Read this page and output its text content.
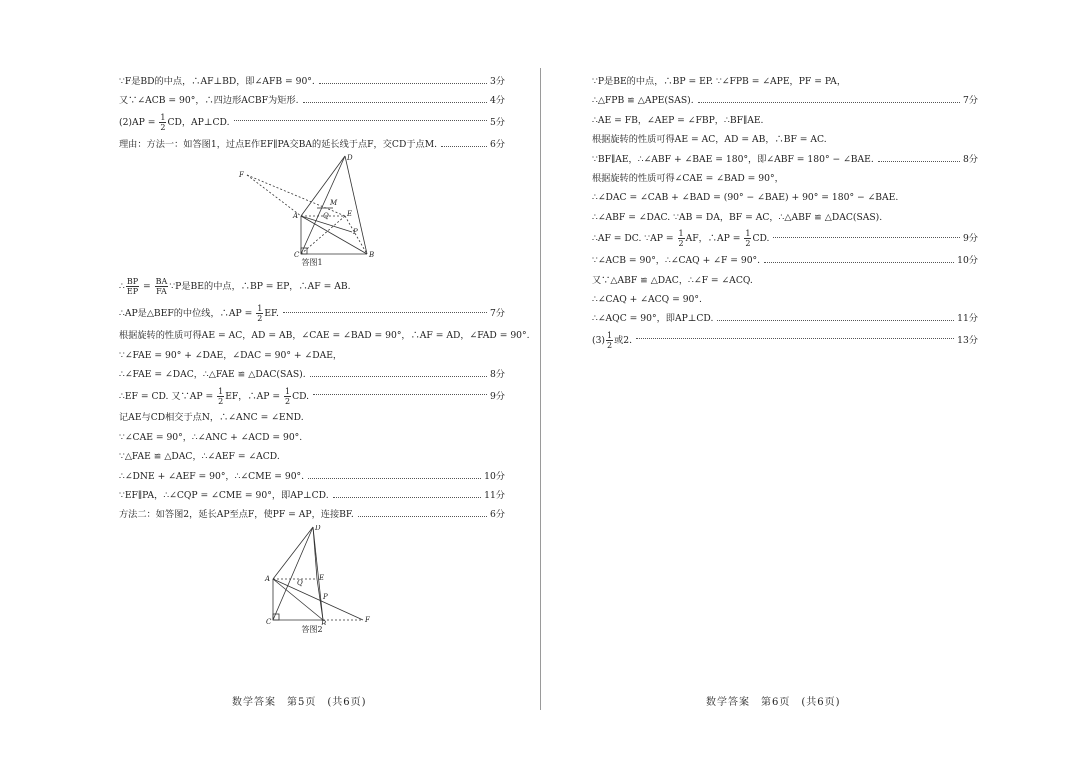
∵F是BD的中点，∴AF⊥BD，即∠AFB = 90°.	3分
又∵∠ACB = 90°，∴四边形ACBF为矩形.	4分
$(2)AP = \frac{1}{2}$ CD，AP⊥CD.	5分
理由：方法一：如答图1，过点E作EF∥PA交BA的延长线于点F，交CD于点M.	6分
F
D
A
M
Q	E
P
C	B
答图1
∴ $\frac{BP}{EP} = \frac{BA}{FA}$ ∵P是BE的中点，∴BP = EP，∴AF = AB.
∴AP是△BEF的中位线，∴AP = $\frac{1}{2}$ EF.	7分
根据旋转的性质可得AE = AC，AD = AB，∠CAE = ∠BAD = 90°，∴AF = AD，∠FAD = 90°.
∵∠FAE = 90° + ∠DAE，∠DAC = 90° + ∠DAE，
∴∠FAE = ∠DAC，∴△FAE ≌ △DAC(SAS).	8分
∴EF = CD. 又∵AP = $\frac{1}{2}$ EF，∴AP = $\frac{1}{2}$ CD.	9分
记AE与CD相交于点N，∴∠ANC = ∠END.
∵∠CAE = 90°，∴∠ANC + ∠ACD = 90°.
∵△FAE ≌ △DAC，∴∠AEF = ∠ACD.
∴∠DNE + ∠AEF = 90°，∴∠CME = 90°.	10分
∵EF∥PA，∴∠CQP = ∠CME = 90°，即AP⊥CD.	11分
方法二：如答图2，延长AP至点F，使PF = AP，连接BF.	6分
D
A	E
Q
P
C	B	F
答图2
∵P是BE的中点，∴BP = EP. ∵∠FPB = ∠APE，PF = PA，
∴△FPB ≌ △APE(SAS).	7分
∴AE = FB，∠AEP = ∠FBP，∴BF∥AE.
根据旋转的性质可得AE = AC，AD = AB，∴BF = AC.
∵BF∥AE，∴∠ABF + ∠BAE = 180°，即∠ABF = 180° − ∠BAE.	8分
根据旋转的性质可得∠CAE = ∠BAD = 90°，
∴∠DAC = ∠CAB + ∠BAD = (90° − ∠BAE) + 90° = 180° − ∠BAE.
∴∠ABF = ∠DAC. ∵AB = DA，BF = AC，∴△ABF ≌ △DAC(SAS).
∴AF = DC. ∵AP = $\frac{1}{2}$ AF，∴AP = $\frac{1}{2}$ CD.	9分
∵∠ACB = 90°，∴∠CAQ + ∠F = 90°.	10分
又∵△ABF ≌ △DAC，∴∠F = ∠ACQ.
∴∠CAQ + ∠ACQ = 90°.
∴∠AQC = 90°，即AP⊥CD.	11分
$(3) \frac{1}{2}$ 或2.	13分
数学答案　第5页　(共6页)	数学答案　第6页　(共6页)
